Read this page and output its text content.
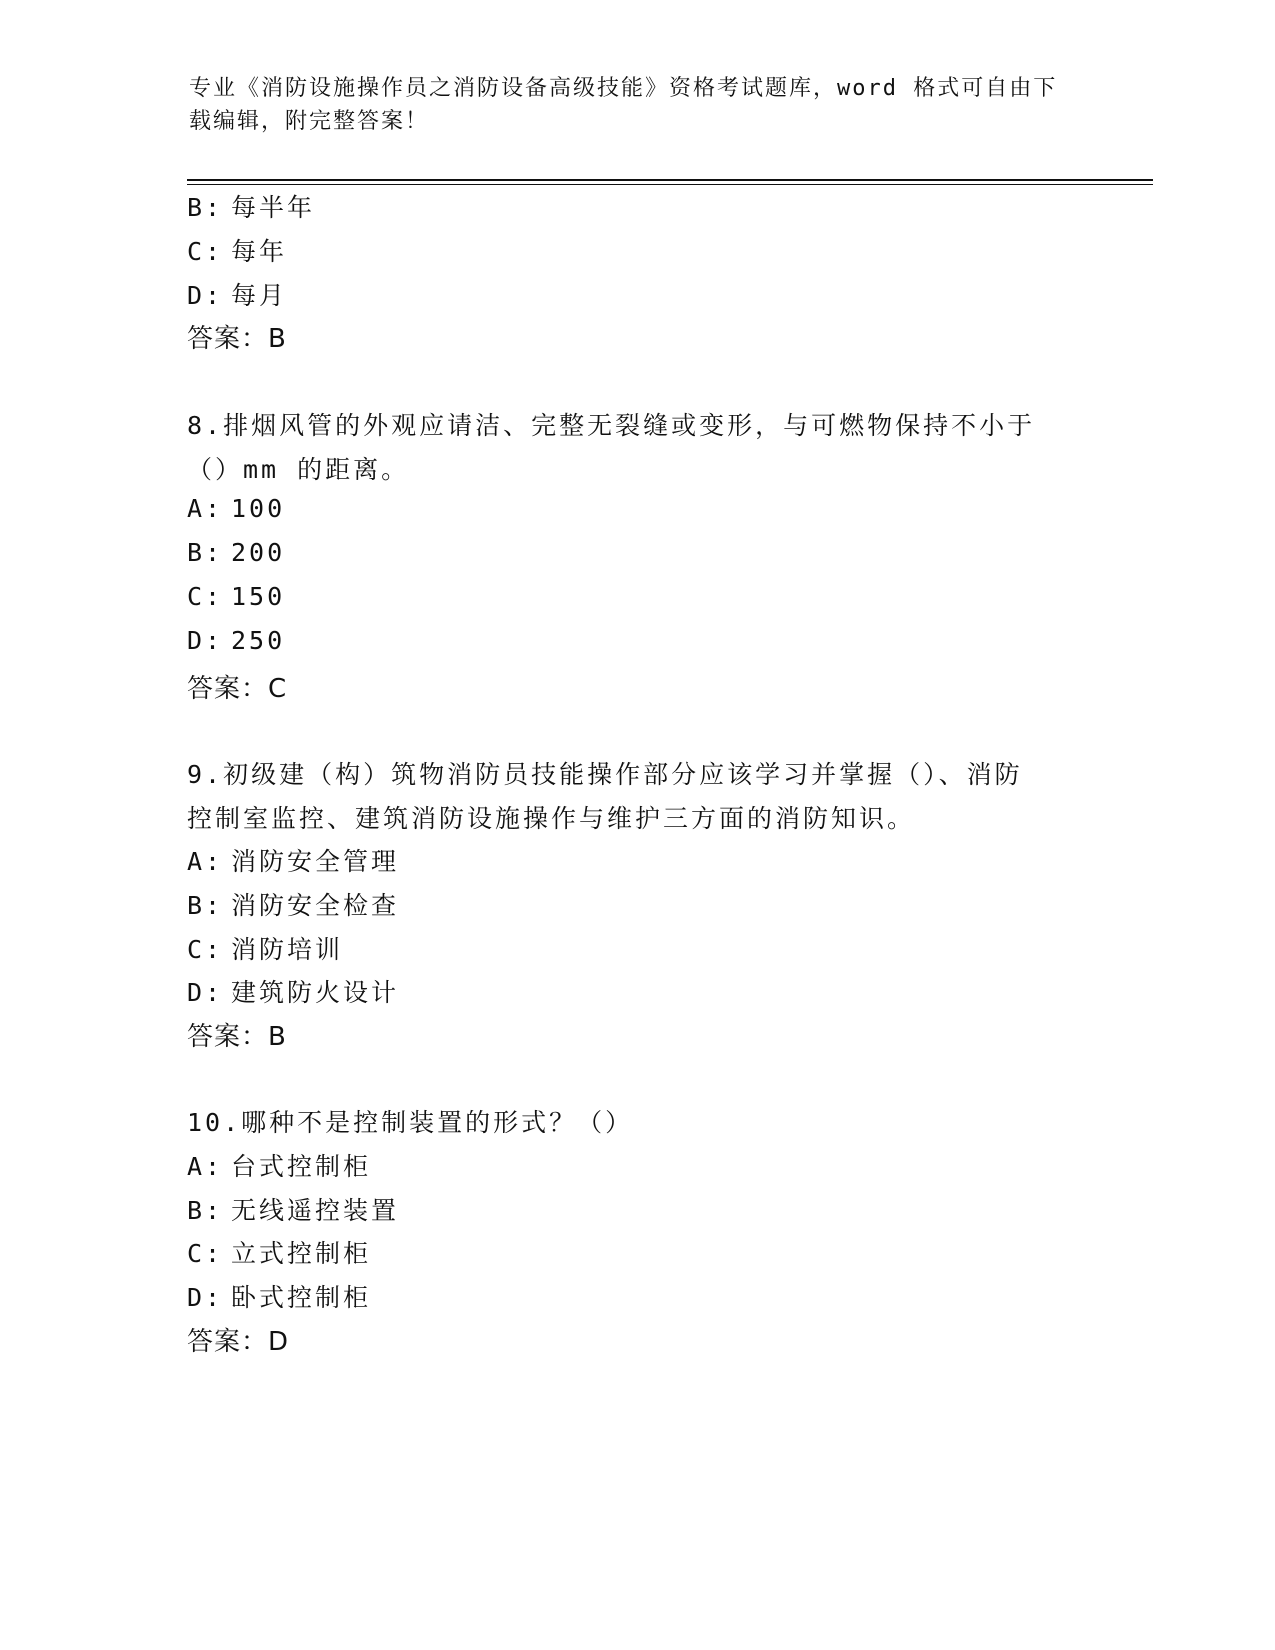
专业《消防设施操作员之消防设备高级技能》资格考试题库，word 格式可自由下
载编辑，附完整答案！
B: 每半年
C: 每年
D: 每月
答案：B
8.排烟风管的外观应请洁、完整无裂缝或变形，与可燃物保持不小于
（）mm 的距离。
A: 100
B: 200
C: 150
D: 250
答案：C
9.初级建（构）筑物消防员技能操作部分应该学习并掌握（）、消防
控制室监控、建筑消防设施操作与维护三方面的消防知识。
A: 消防安全管理
B: 消防安全检查
C: 消防培训
D: 建筑防火设计
答案：B
10.哪种不是控制装置的形式？（）
A: 台式控制柜
B: 无线遥控装置
C: 立式控制柜
D: 卧式控制柜
答案：D
